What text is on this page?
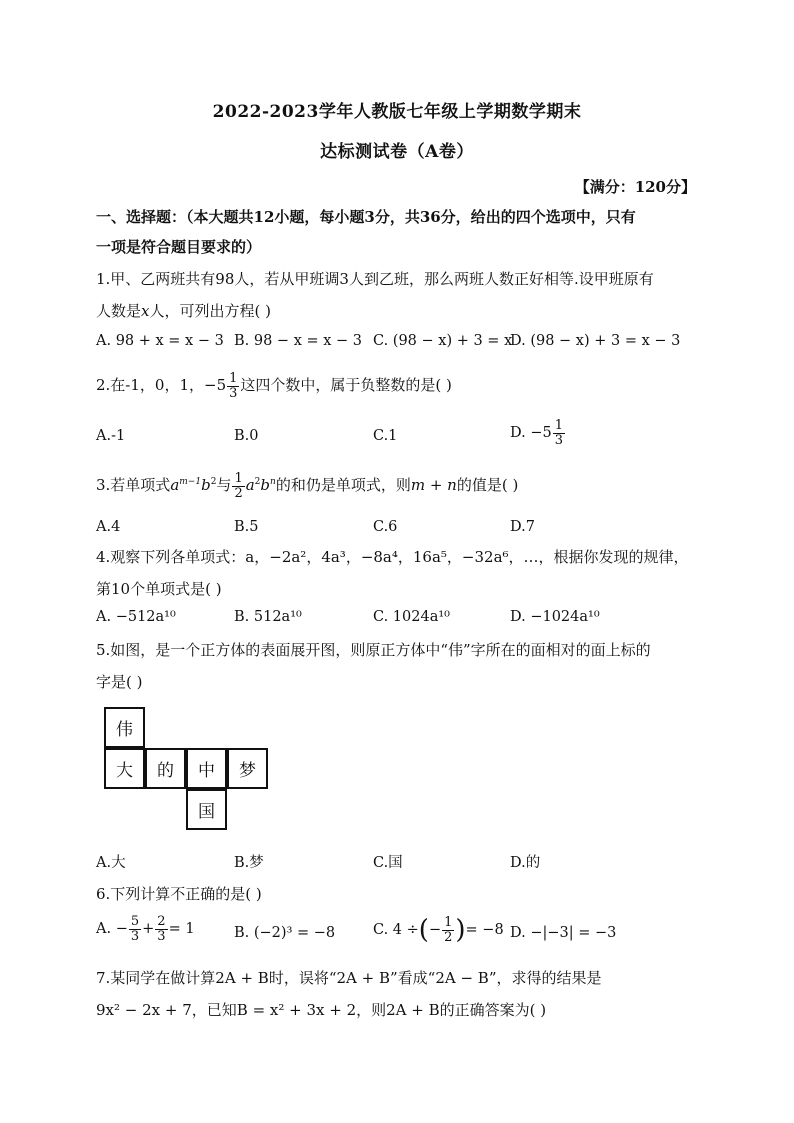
2022-2023学年人教版七年级上学期数学期末
达标测试卷（A卷）
【满分：120分】
一、选择题：（本大题共12小题，每小题3分，共36分，给出的四个选项中，只有
一项是符合题目要求的）
1.甲、乙两班共有98人，若从甲班调3人到乙班，那么两班人数正好相等.设甲班原有
人数是x人，可列出方程( )
A. 98 + x = x − 3 B. 98 − x = x − 3 C. (98 − x) + 3 = x
D. (98 − x) + 3 = x − 3
2.在-1，0，1，$-5 \frac{1}{3}$ 这四个数中，属于负整数的是( )
A.-1	B.0	C.1	D. $-5 \frac{1}{3}$
3.若单项式$a^{m-1}b^2$与 $\frac{1}{2} a^2b^n$的和仍是单项式，则m + n的值是( )
A.4	B.5	C.6	D.7
4.观察下列各单项式：a，−2a²，4a³，−8a⁴，16a⁵，−32a⁶，…，根据你发现的规律，
第10个单项式是( )
A. −512a¹⁰	B. 512a¹⁰	C. 1024a¹⁰	D. −1024a¹⁰
5.如图，是一个正方体的表面展开图，则原正方体中“伟”字所在的面相对的面上标的
字是( )
伟
大	的	中	梦
国
A.大	B.梦	C.国	D.的
6.下列计算不正确的是( )
A. − $\frac{5}{3} + \frac{2}{3} = 1$	B. (−2)³ = −8	C. 4 ÷(− $\frac{1}{2}$ )= −8 D. −|−3| = −3
7.某同学在做计算2A + B时，误将“2A + B”看成“2A − B”，求得的结果是
9x² − 2x + 7，已知B = x² + 3x + 2，则2A + B的正确答案为( )
